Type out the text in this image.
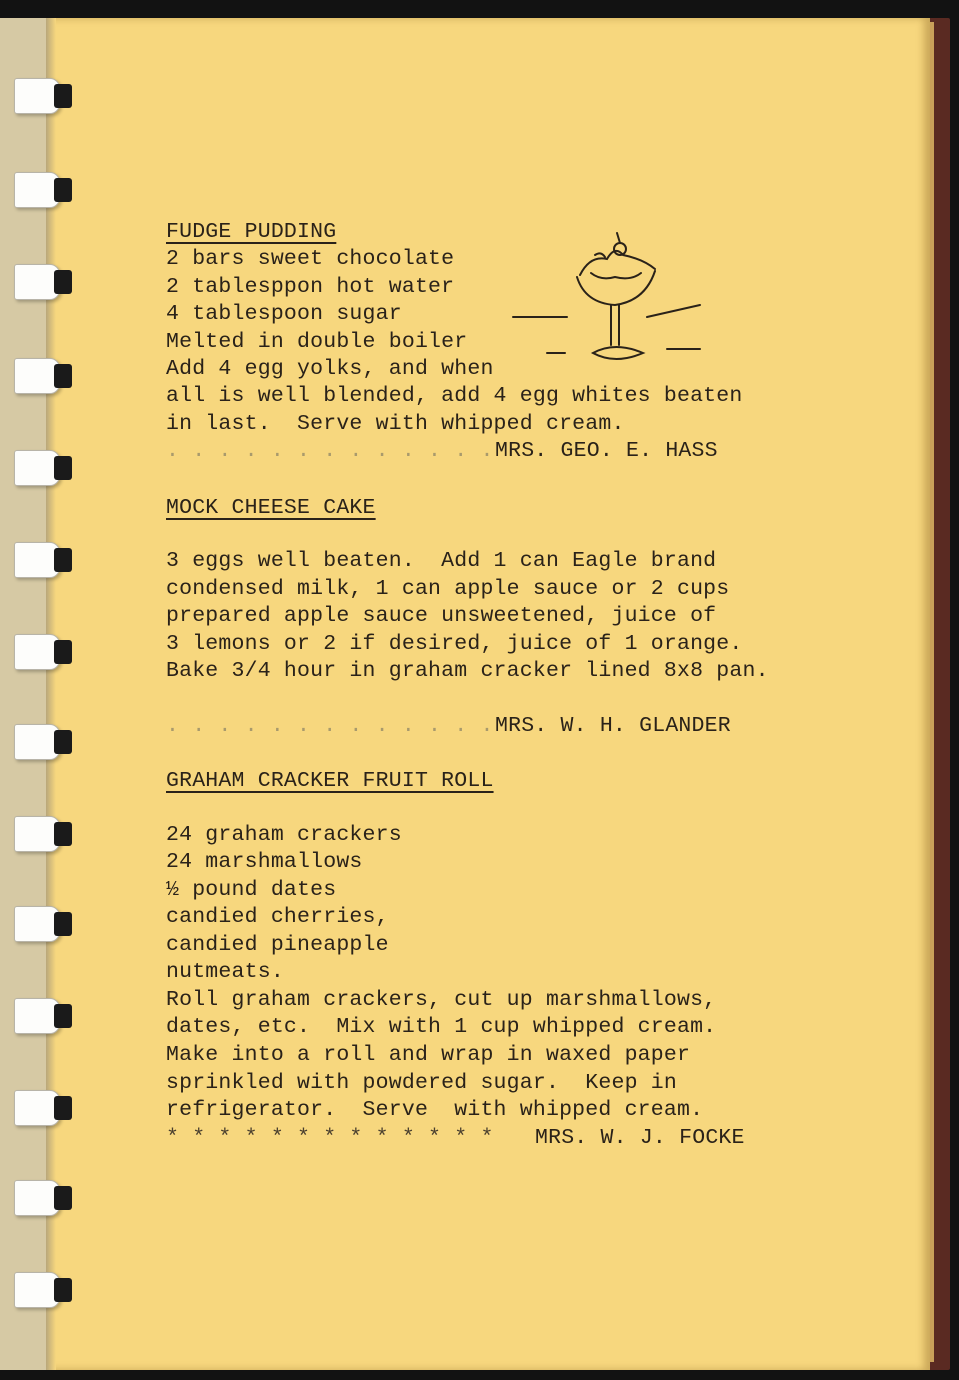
FUDGE PUDDING
2 bars sweet chocolate
2 tablesppon hot water
4 tablespoon sugar
Melted in double boiler
Add 4 egg yolks, and when
all is well blended, add 4 egg whites beaten
in last.  Serve with whipped cream.
. . . . . . . . . . . . . MRS. GEO. E. HASS
MOCK CHEESE CAKE
3 eggs well beaten.  Add 1 can Eagle brand
condensed milk, 1 can apple sauce or 2 cups
prepared apple sauce unsweetened, juice of
3 lemons or 2 if desired, juice of 1 orange.
Bake 3/4 hour in graham cracker lined 8x8 pan.
. . . . . . . . . . . . . MRS. W. H. GLANDER
GRAHAM CRACKER FRUIT ROLL
24 graham crackers
24 marshmallows
½ pound dates
candied cherries,
candied pineapple
nutmeats.
Roll graham crackers, cut up marshmallows,
dates, etc.  Mix with 1 cup whipped cream.
Make into a roll and wrap in waxed paper
sprinkled with powdered sugar.  Keep in
refrigerator.  Serve  with whipped cream.
* * * * * * * * * * * * * MRS. W. J. FOCKE
